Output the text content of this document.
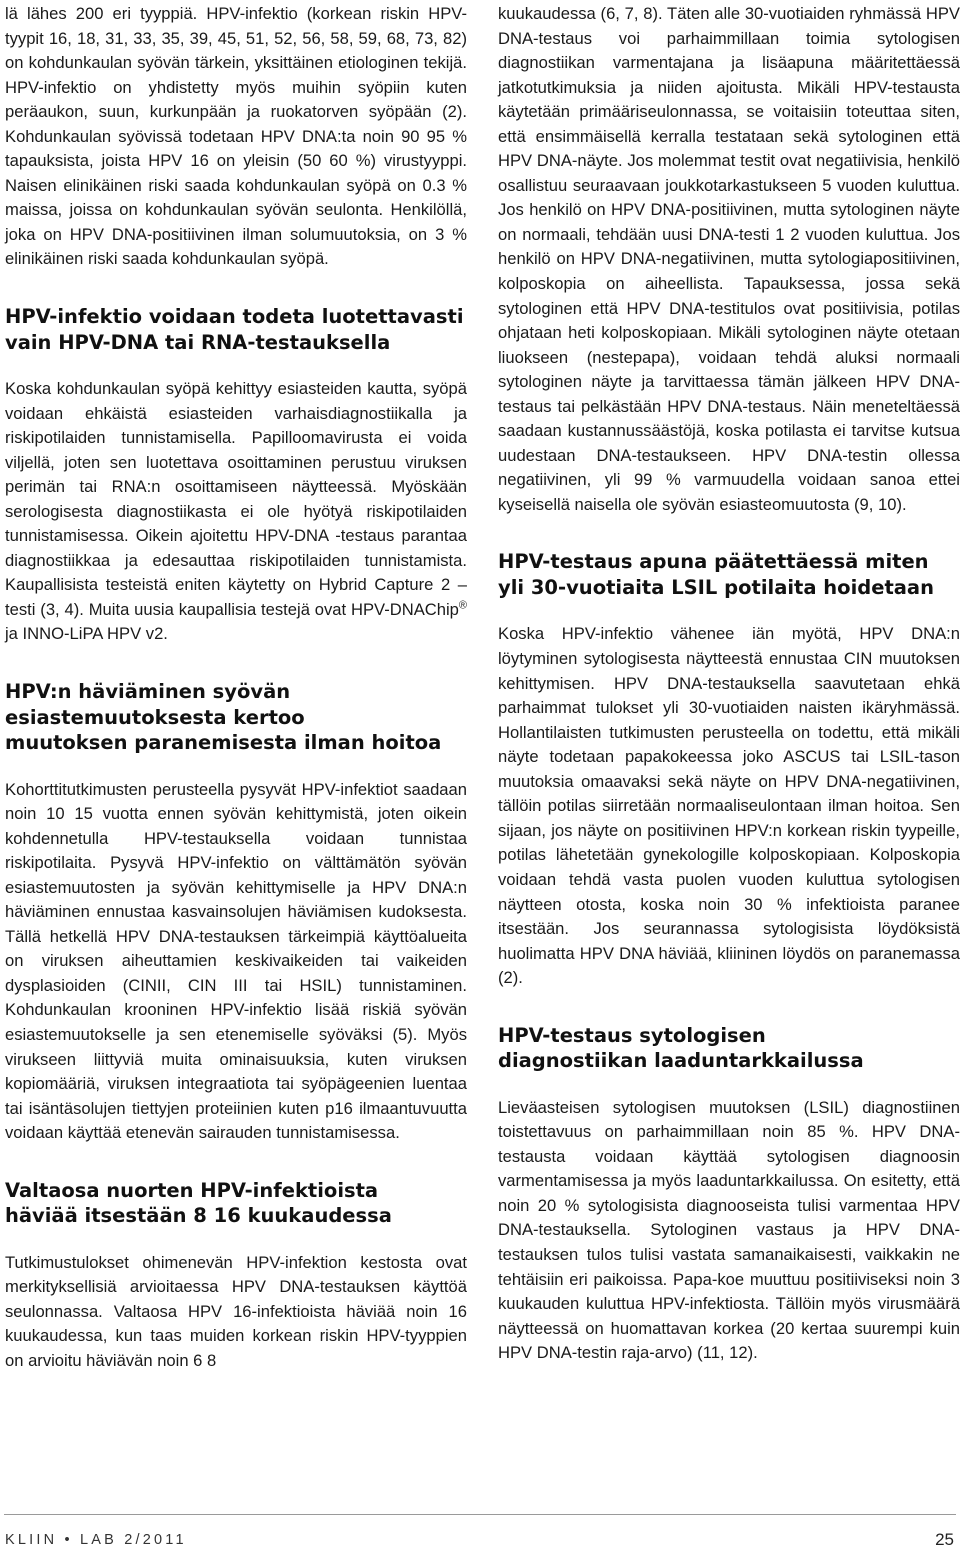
lä lähes 200 eri tyyppiä. HPV-infektio (korkean riskin HPV-tyypit 16, 18, 31, 33, 35, 39, 45, 51, 52, 56, 58, 59, 68, 73, 82) on kohdunkaulan syövän tärkein, yksittäinen etiologinen tekijä. HPV-infektio on yhdistetty myös muihin syöpiin kuten peräaukon, suun, kurkunpään ja ruokatorven syöpään (2). Kohdunkaulan syövissä todetaan HPV DNA:ta noin 90 95 % tapauksista, joista HPV 16 on yleisin (50 60 %) virustyyppi. Naisen elinikäinen riski saada kohdunkaulan syöpä on 0.3 % maissa, joissa on kohdunkaulan syövän seulonta. Henkilöllä, joka on HPV DNA-positiivinen ilman solumuutoksia, on 3 % elinikäinen riski saada kohdunkaulan syöpä.

HPV-infektio voidaan todeta luotettavasti
vain HPV-DNA tai RNA-testauksella

Koska kohdunkaulan syöpä kehittyy esiasteiden kautta, syöpä voidaan ehkäistä esiasteiden varhaisdiagnostiikalla ja riskipotilaiden tunnistamisella. Papilloomavirusta ei voida viljellä, joten sen luotettava osoittaminen perustuu viruksen perimän tai RNA:n osoittamiseen näytteessä. Myöskään serologisesta diagnostiikasta ei ole hyötyä riskipotilaiden tunnistamisessa. Oikein ajoitettu HPV-DNA -testaus parantaa diagnostiikkaa ja edesauttaa riskipotilaiden tunnistamista. Kaupallisista testeistä eniten käytetty on Hybrid Capture 2 – testi (3, 4). Muita uusia kaupallisia testejä ovat HPV-DNAChip® ja INNO-LiPA HPV v2.

HPV:n häviäminen syövän
esiastemuutoksesta kertoo
muutoksen paranemisesta ilman hoitoa

Kohorttitutkimusten perusteella pysyvät HPV-infektiot saadaan noin 10 15 vuotta ennen syövän kehittymistä, joten oikein kohdennetulla HPV-testauksella voidaan tunnistaa riskipotilaita. Pysyvä HPV-infektio on välttämätön syövän esiastemuutosten ja syövän kehittymiselle ja HPV DNA:n häviäminen ennustaa kasvainsolujen häviämisen kudoksesta. Tällä hetkellä HPV DNA-testauksen tärkeimpiä käyttöalueita on viruksen aiheuttamien keskivaikeiden tai vaikeiden dysplasioiden (CINII, CIN III tai HSIL) tunnistaminen. Kohdunkaulan krooninen HPV-infektio lisää riskiä syövän esiastemuutokselle ja sen etenemiselle syöväksi (5). Myös virukseen liittyviä muita ominaisuuksia, kuten viruksen kopiomääriä, viruksen integraatiota tai syöpägeenien luentaa tai isäntäsolujen tiettyjen proteiinien kuten p16 ilmaantuvuutta voidaan käyttää etenevän sairauden tunnistamisessa.

Valtaosa nuorten HPV-infektioista
häviää itsestään 8 16 kuukaudessa

Tutkimustulokset ohimenevän HPV-infektion kestosta ovat merkityksellisiä arvioitaessa HPV DNA-testauksen käyttöä seulonnassa. Valtaosa HPV 16-infektioista häviää noin 16 kuukaudessa, kun taas muiden korkean riskin HPV-tyyppien on arvioitu häviävän noin 6 8

kuukaudessa (6, 7, 8). Täten alle 30-vuotiaiden ryhmässä HPV DNA-testaus voi parhaimmillaan toimia sytologisen diagnostiikan varmentajana ja lisäapuna määritettäessä jatkotutkimuksia ja niiden ajoitusta. Mikäli HPV-testausta käytetään primääriseulonnassa, se voitaisiin toteuttaa siten, että ensimmäisellä kerralla testataan sekä sytologinen että HPV DNA-näyte. Jos molemmat testit ovat negatiivisia, henkilö osallistuu seuraavaan joukkotarkastukseen 5 vuoden kuluttua. Jos henkilö on HPV DNA-positiivinen, mutta sytologinen näyte on normaali, tehdään uusi DNA-testi 1 2 vuoden kuluttua. Jos henkilö on HPV DNA-negatiivinen, mutta sytologiapositiivinen, kolposkopia on aiheellista. Tapauksessa, jossa sekä sytologinen että HPV DNA-testitulos ovat positiivisia, potilas ohjataan heti kolposkopiaan. Mikäli sytologinen näyte otetaan liuokseen (nestepapa), voidaan tehdä aluksi normaali sytologinen näyte ja tarvittaessa tämän jälkeen HPV DNA-testaus tai pelkästään HPV DNA-testaus. Näin meneteltäessä saadaan kustannussäästöjä, koska potilasta ei tarvitse kutsua uudestaan DNA-testaukseen. HPV DNA-testin ollessa negatiivinen, yli 99 % varmuudella voidaan sanoa ettei kyseisellä naisella ole syövän esiasteomuutosta (9, 10).

HPV-testaus apuna päätettäessä miten
yli 30-vuotiaita LSIL potilaita hoidetaan

Koska HPV-infektio vähenee iän myötä, HPV DNA:n löytyminen sytologisesta näytteestä ennustaa CIN muutoksen kehittymisen. HPV DNA-testauksella saavutetaan ehkä parhaimmat tulokset yli 30-vuotiaiden naisten ikäryhmässä. Hollantilaisten tutkimusten perusteella on todettu, että mikäli näyte todetaan papakokeessa joko ASCUS tai LSIL-tason muutoksia omaavaksi sekä näyte on HPV DNA-negatiivinen, tällöin potilas siirretään normaaliseulontaan ilman hoitoa. Sen sijaan, jos näyte on positiivinen HPV:n korkean riskin tyypeille, potilas lähetetään gynekologille kolposkopiaan. Kolposkopia voidaan tehdä vasta puolen vuoden kuluttua sytologisen näytteen otosta, koska noin 30 % infektioista paranee itsestään. Jos seurannassa sytologisista löydöksistä huolimatta HPV DNA häviää, kliininen löydös on paranemassa (2).

HPV-testaus sytologisen
diagnostiikan laaduntarkkailussa

Lieväasteisen sytologisen muutoksen (LSIL) diagnostiinen toistettavuus on parhaimmillaan noin 85 %. HPV DNA-testausta voidaan käyttää sytologisen diagnoosin varmentamisessa ja myös laaduntarkkailussa. On esitetty, että noin 20 % sytologisista diagnooseista tulisi varmentaa HPV DNA-testauksella. Sytologinen vastaus ja HPV DNA-testauksen tulos tulisi vastata samanaikaisesti, vaikkakin ne tehtäisiin eri paikoissa. Papa-koe muuttuu positiiviseksi noin 3 kuukauden kuluttua HPV-infektiosta. Tällöin myös virusmäärä näytteessä on huomattavan korkea (20 kertaa suurempi kuin HPV DNA-testin raja-arvo) (11, 12).

KLIIN • LAB 2/2011	25
